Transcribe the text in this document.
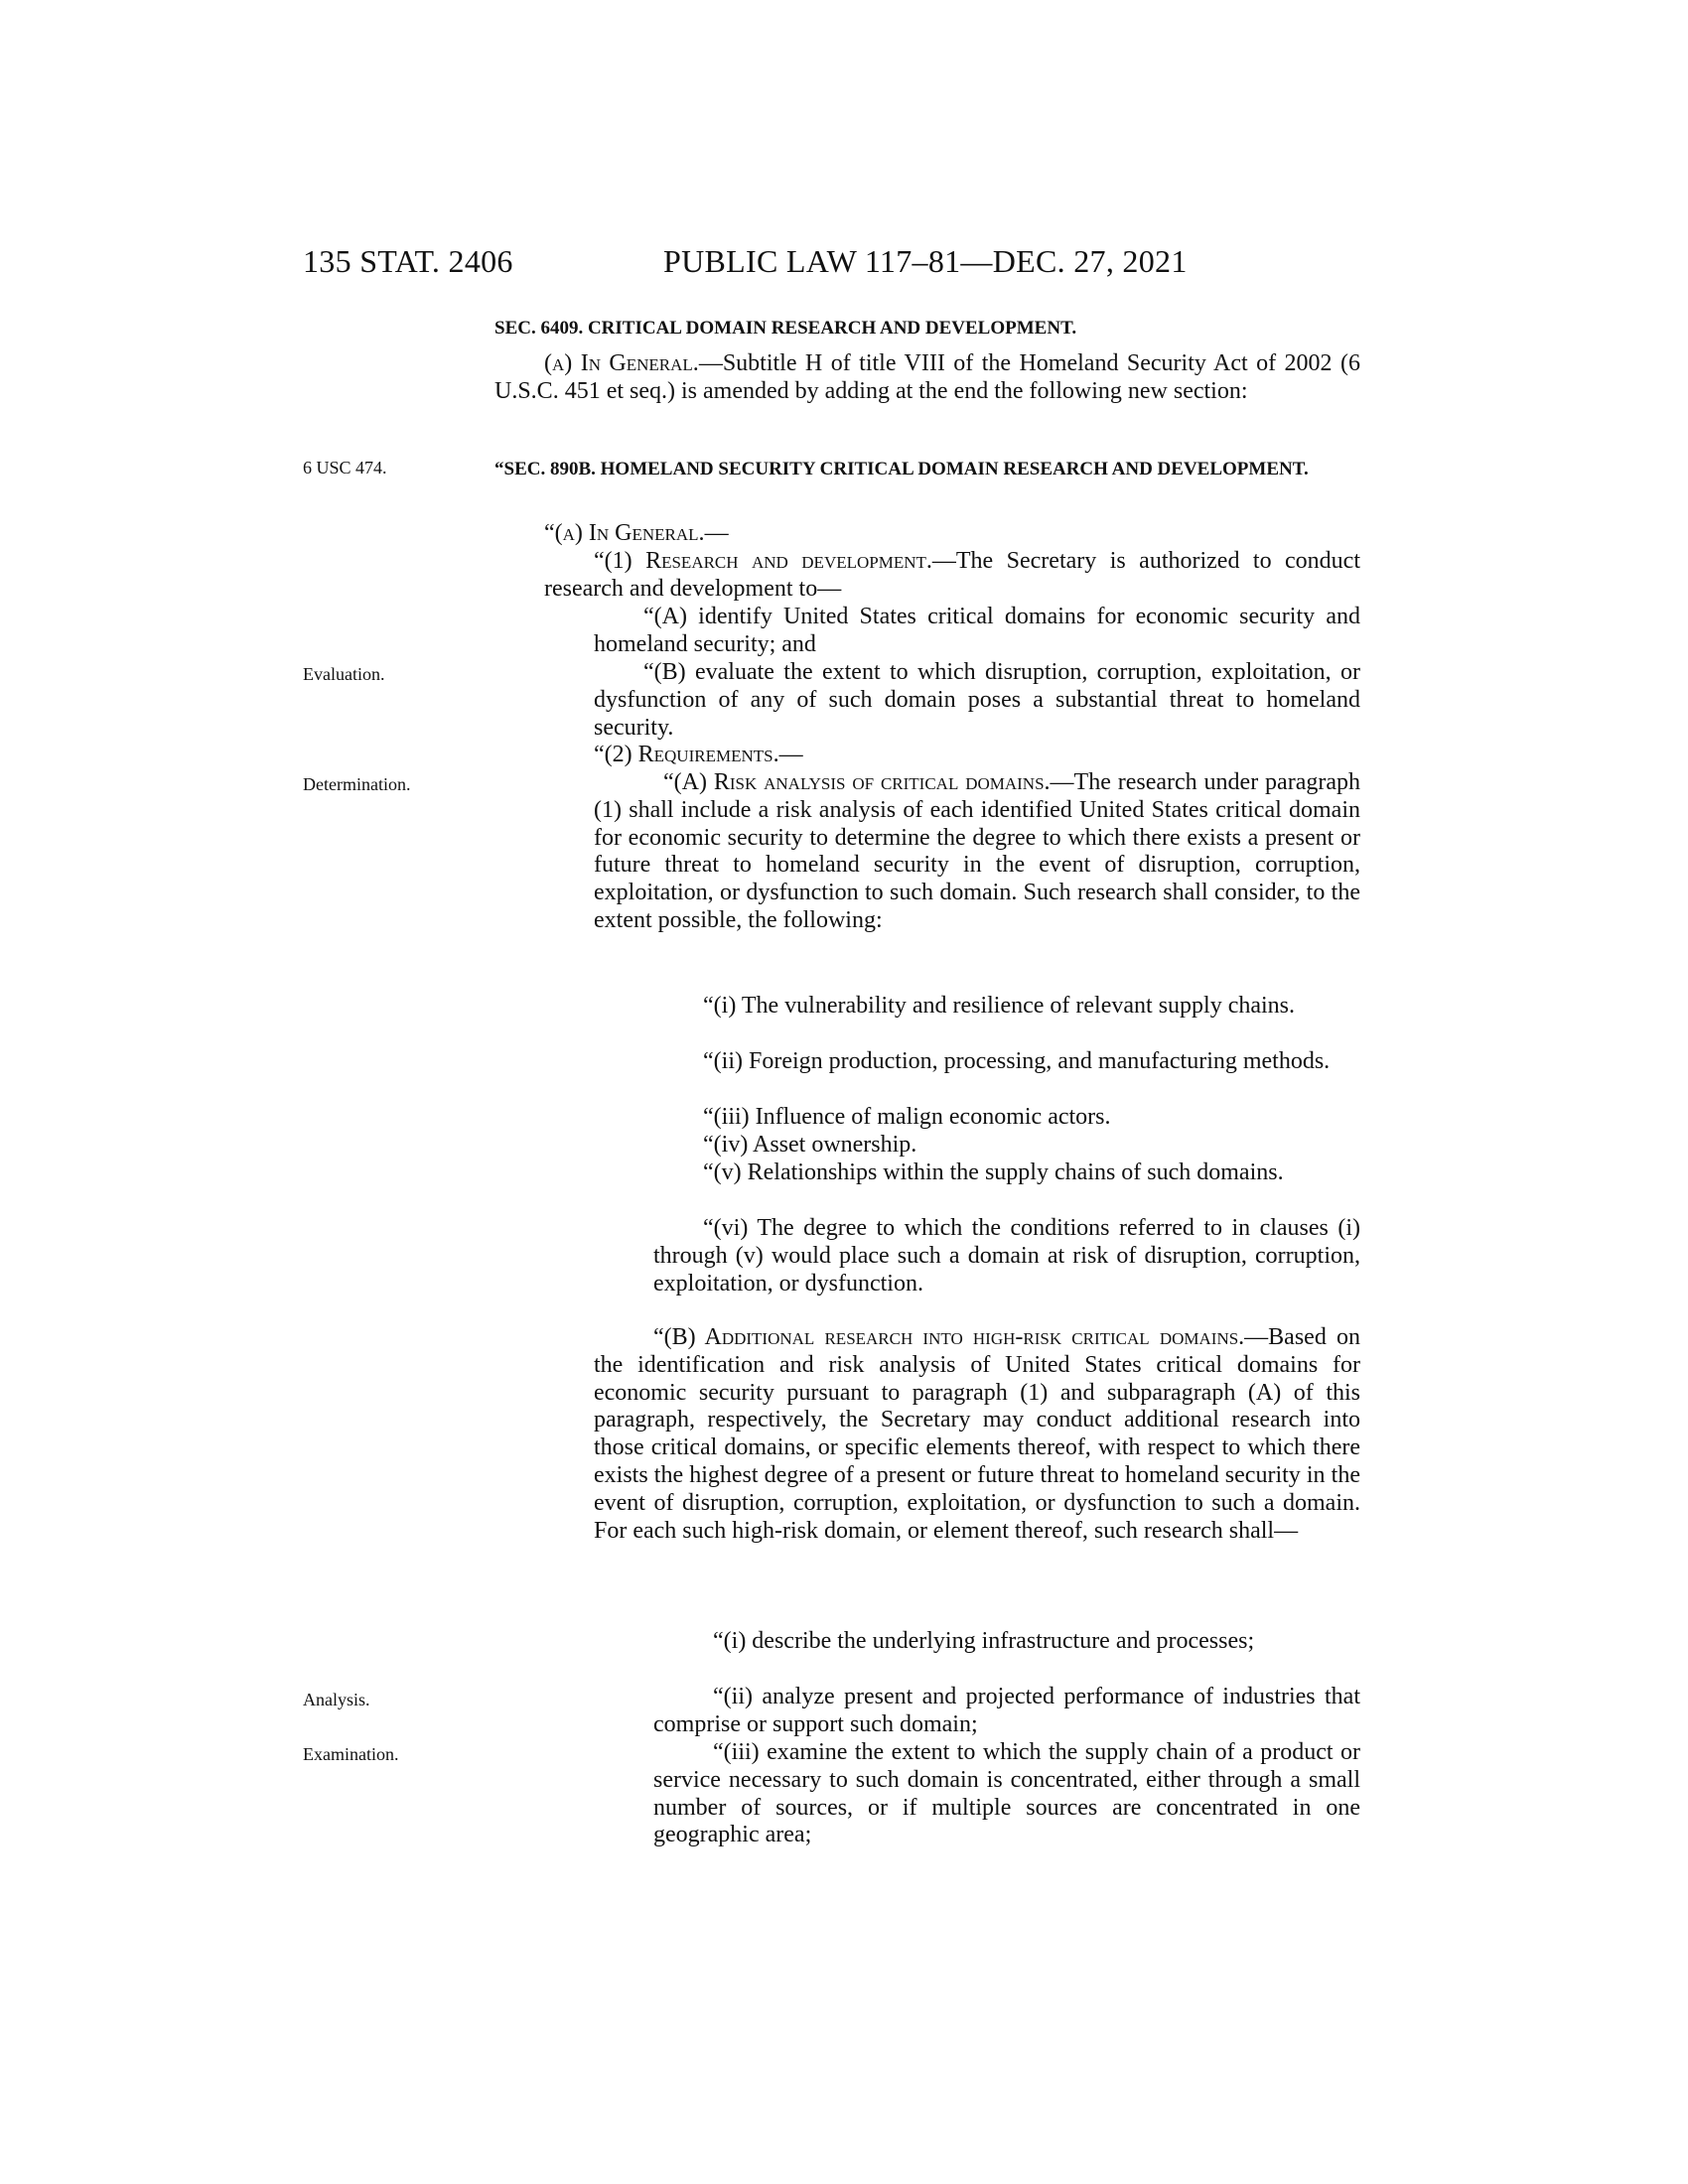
135 STAT. 2406	PUBLIC LAW 117–81—DEC. 27, 2021
SEC. 6409. CRITICAL DOMAIN RESEARCH AND DEVELOPMENT.
(a) In General.—Subtitle H of title VIII of the Homeland Security Act of 2002 (6 U.S.C. 451 et seq.) is amended by adding at the end the following new section:
6 USC 474.	“SEC. 890B. HOMELAND SECURITY CRITICAL DOMAIN RESEARCH AND DEVELOPMENT.
“(a) In General.—
“(1) Research and development.—The Secretary is authorized to conduct research and development to—
“(A) identify United States critical domains for economic security and homeland security; and
Evaluation.	“(B) evaluate the extent to which disruption, corruption, exploitation, or dysfunction of any of such domain poses a substantial threat to homeland security.
“(2) Requirements.—
Determination.	“(A) Risk analysis of critical domains.—The research under paragraph (1) shall include a risk analysis of each identified United States critical domain for economic security to determine the degree to which there exists a present or future threat to homeland security in the event of disruption, corruption, exploitation, or dysfunction to such domain. Such research shall consider, to the extent possible, the following:
“(i) The vulnerability and resilience of relevant supply chains.
“(ii) Foreign production, processing, and manufacturing methods.
“(iii) Influence of malign economic actors.
“(iv) Asset ownership.
“(v) Relationships within the supply chains of such domains.
“(vi) The degree to which the conditions referred to in clauses (i) through (v) would place such a domain at risk of disruption, corruption, exploitation, or dysfunction.
“(B) Additional research into high-risk critical domains.—Based on the identification and risk analysis of United States critical domains for economic security pursuant to paragraph (1) and subparagraph (A) of this paragraph, respectively, the Secretary may conduct additional research into those critical domains, or specific elements thereof, with respect to which there exists the highest degree of a present or future threat to homeland security in the event of disruption, corruption, exploitation, or dysfunction to such a domain. For each such high-risk domain, or element thereof, such research shall—
“(i) describe the underlying infrastructure and processes;
Analysis.	“(ii) analyze present and projected performance of industries that comprise or support such domain;
Examination.	“(iii) examine the extent to which the supply chain of a product or service necessary to such domain is concentrated, either through a small number of sources, or if multiple sources are concentrated in one geographic area;
